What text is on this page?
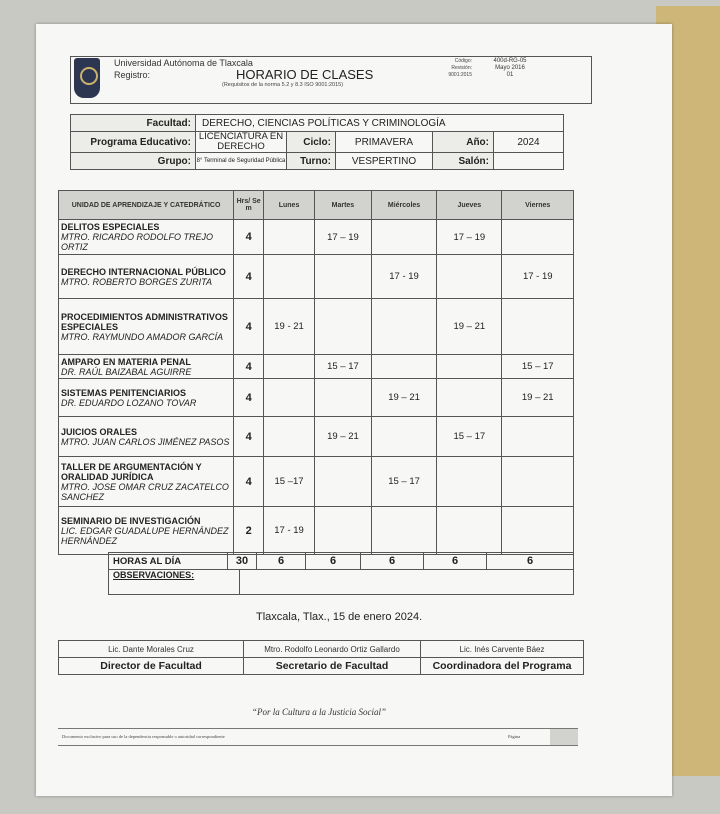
Universidad Autónoma de Tlaxcala
Registro:	HORARIO DE CLASES
(Requisitos de la norma 5.2 y 8.3 ISO 9001:2015)
Código:
Revisión:
9001:2015
400d-RG-05
Mayo 2016
01
Facultad:	DERECHO, CIENCIAS POLÍTICAS Y CRIMINOLOGÍA				
Programa Educativo:	LICENCIATURA EN DERECHO	Ciclo:	PRIMAVERA	Año:	2024
Grupo:	8° Terminal de Seguridad Pública	Turno:	VESPERTINO	Salón:	
UNIDAD DE APRENDIZAJE Y CATEDRÁTICO	Hrs/ Se m	Lunes	Martes	Miércoles	Jueves	Viernes

DELITOS ESPECIALES
MTRO. RICARDO RODOLFO TREJO ORTIZ	4		17 – 19		17 – 19	

DERECHO INTERNACIONAL PÚBLICO
MTRO. ROBERTO BORGES ZURITA	4			17 - 19		17 - 19

PROCEDIMIENTOS ADMINISTRATIVOS ESPECIALES
MTRO. RAYMUNDO AMADOR GARCÍA	4	19 - 21			19 – 21	

AMPARO EN MATERIA PENAL
DR. RAÚL BAIZABAL AGUIRRE	4		15 – 17			15 – 17

SISTEMAS PENITENCIARIOS
DR. EDUARDO LOZANO TOVAR	4			19 – 21		19 – 21

JUICIOS ORALES
MTRO. JUAN CARLOS JIMÉNEZ PASOS	4		19 – 21		15 – 17	

TALLER DE ARGUMENTACIÓN Y ORALIDAD JURÍDICA
MTRO. JOSE OMAR CRUZ ZACATELCO SANCHEZ	4	15 –17		15 – 17		

SEMINARIO DE INVESTIGACIÓN
LIC. EDGAR GUADALUPE HERNÁNDEZ HERNÁNDEZ	2	17 - 19				
HORAS AL DÍA	30	6	6	6	6	6
OBSERVACIONES:	
Tlaxcala, Tlax., 15 de enero 2024.
Lic. Dante Morales Cruz	Mtro. Rodolfo Leonardo Ortiz Gallardo	Lic. Inés Carvente Báez
Director de Facultad	Secretario de Facultad	Coordinadora del Programa
“Por la Cultura a la Justicia Social”
Documento exclusivo para uso de la dependencia responsable o autoridad correspondiente	Página
